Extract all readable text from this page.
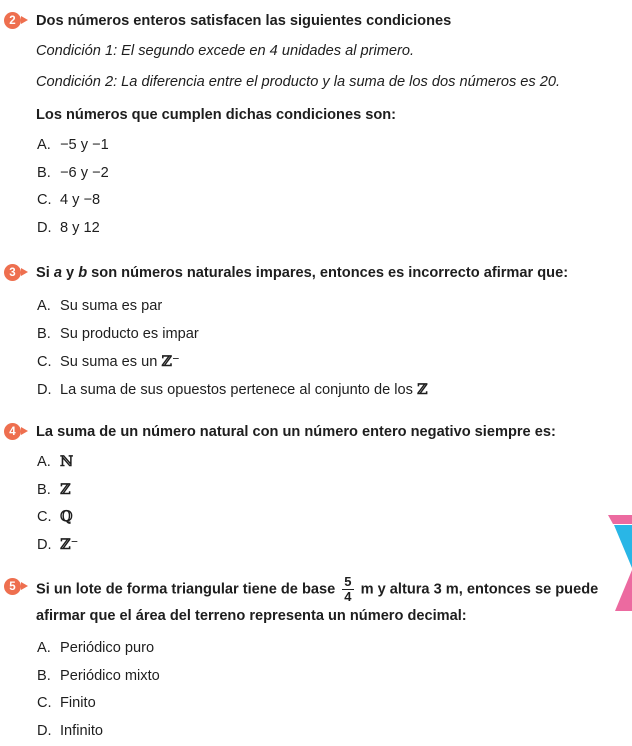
2	Dos números enteros satisfacen las siguientes condiciones
Condición 1: El segundo excede en 4 unidades al primero.
Condición 2: La diferencia entre el producto y la suma de los dos números es 20.
Los números que cumplen dichas condiciones son:
A. −5 y −1
B. −6 y −2
C. 4 y −8
D. 8 y 12
3	Si a y b son números naturales impares, entonces es incorrecto afirmar que:
A. Su suma es par
B. Su producto es impar
C. Su suma es un ℤ⁻
D. La suma de sus opuestos pertenece al conjunto de los ℤ
4	La suma de un número natural con un número entero negativo siempre es:
A. ℕ
B. ℤ
C. ℚ
D. ℤ⁻
5	Si un lote de forma triangular tiene de base $\frac{5}{4}$ m y altura 3 m, entonces se puede afirmar que el área del terreno representa un número decimal:
A. Periódico puro
B. Periódico mixto
C. Finito
D. Infinito
